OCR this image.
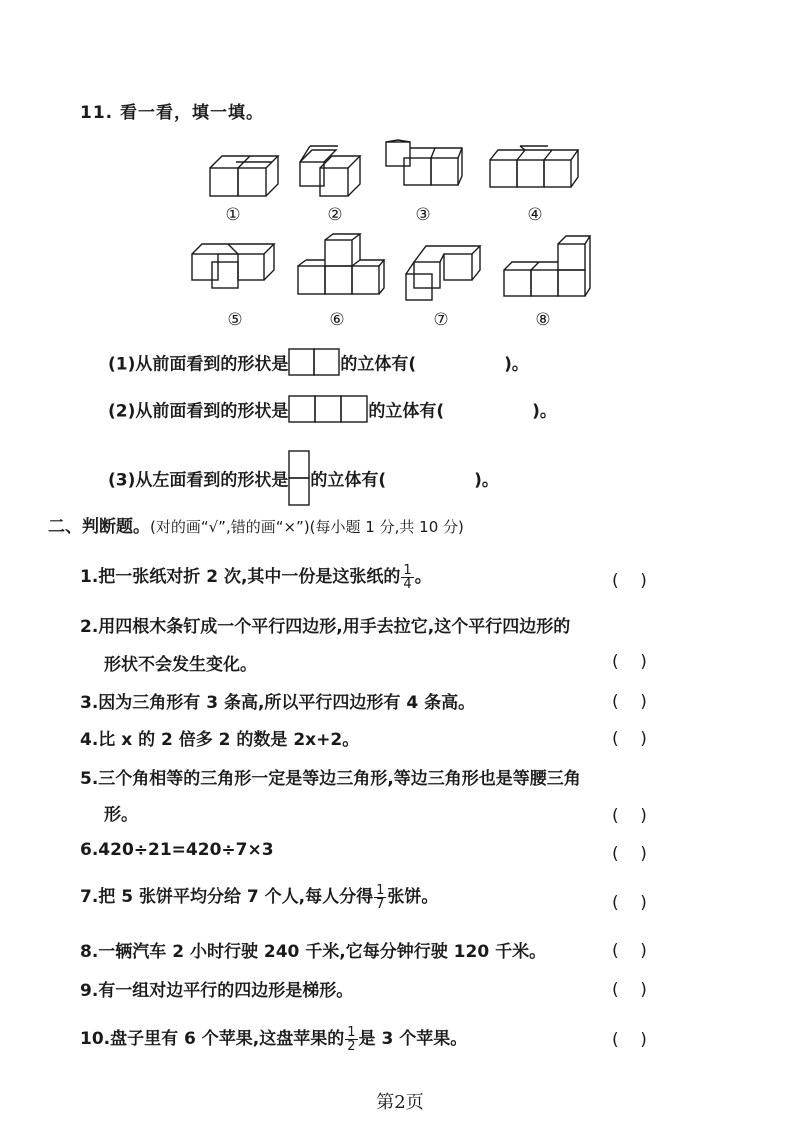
11. 看一看，填一填。
①	②	③	④
⑤	⑥	⑦	⑧
(1)从前面看到的形状是	的立体有(	)。
(2)从前面看到的形状是	的立体有(	)。
(3)从左面看到的形状是 的立体有(	)。
二、判断题。(对的画“√”,错的画“×”)(每小题 1 分,共 10 分)
1.把一张纸对折 2 次,其中一份是这张纸的 $\frac{1}{4}$ 。	(    )
2.用四根木条钉成一个平行四边形,用手去拉它,这个平行四边形的
形状不会发生变化。	(    )
3.因为三角形有 3 条高,所以平行四边形有 4 条高。	(    )
4.比 x 的 2 倍多 2 的数是 2x+2。	(    )
5.三个角相等的三角形一定是等边三角形,等边三角形也是等腰三角
形。	(    )
6.420÷21=420÷7×3	(    )
7.把 5 张饼平均分给 7 个人,每人分得 $\frac{1}{7}$ 张饼。	(    )
8.一辆汽车 2 小时行驶 240 千米,它每分钟行驶 120 千米。	(    )
9.有一组对边平行的四边形是梯形。	(    )
10.盘子里有 6 个苹果,这盘苹果的 $\frac{1}{2}$ 是 3 个苹果。	(    )
第2页
